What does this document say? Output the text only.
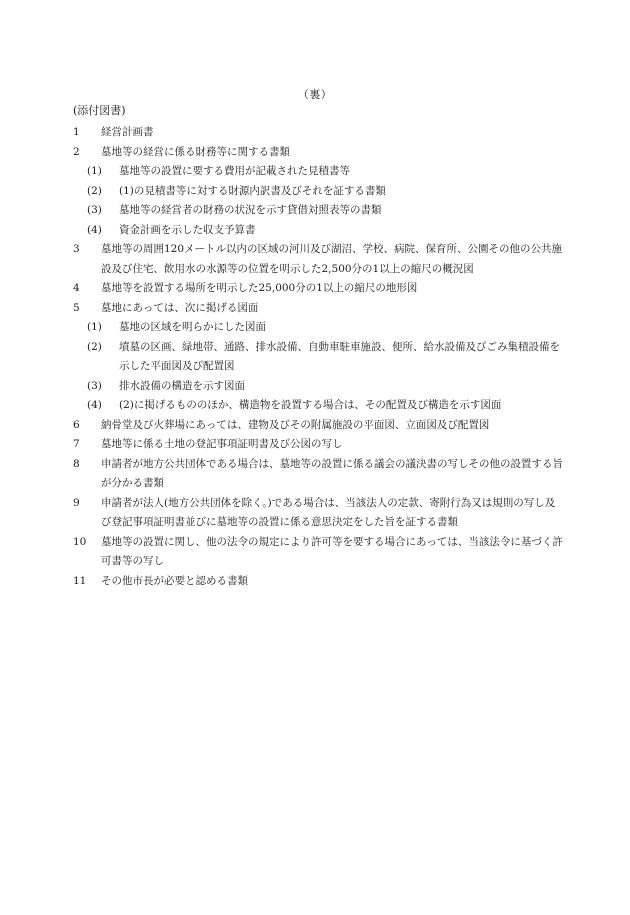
（裏）
(添付図書)
1	経営計画書
2	墓地等の経営に係る財務等に関する書類
(1)	墓地等の設置に要する費用が記載された見積書等
(2)	(1)の見積書等に対する財源内訳書及びそれを証する書類
(3)	墓地等の経営者の財務の状況を示す貸借対照表等の書類
(4)	資金計画を示した収支予算書
3	墓地等の周囲120メートル以内の区域の河川及び湖沼、学校、病院、保育所、公園その他の公共施設及び住宅、飲用水の水源等の位置を明示した2,500分の1以上の縮尺の概況図
4	墓地等を設置する場所を明示した25,000分の1以上の縮尺の地形図
5	墓地にあっては、次に掲げる図面
(1)	墓地の区域を明らかにした図面
(2)	墳墓の区画、緑地帯、通路、排水設備、自動車駐車施設、便所、給水設備及びごみ集積設備を示した平面図及び配置図
(3)	排水設備の構造を示す図面
(4)	(2)に掲げるもののほか、構造物を設置する場合は、その配置及び構造を示す図面
6	納骨堂及び火葬場にあっては、建物及びその附属施設の平面図、立面図及び配置図
7	墓地等に係る土地の登記事項証明書及び公図の写し
8	申請者が地方公共団体である場合は、墓地等の設置に係る議会の議決書の写しその他の設置する旨が分かる書類
9	申請者が法人(地方公共団体を除く。)である場合は、当該法人の定款、寄附行為又は規則の写し及び登記事項証明書並びに墓地等の設置に係る意思決定をした旨を証する書類
10	墓地等の設置に関し、他の法令の規定により許可等を要する場合にあっては、当該法令に基づく許可書等の写し
11	その他市長が必要と認める書類
